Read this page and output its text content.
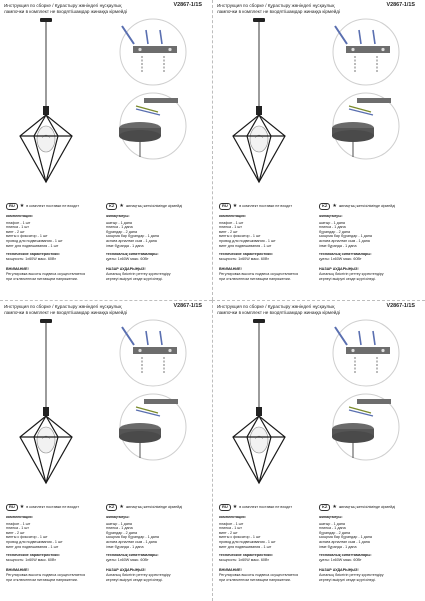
Инструкция по сборке / Құрастыру жөніндегі нұсқаулық
лампочки в комплект не входят/шамдар жинаққа кірмейді
V2867-1/1S
RU	★ в комплект поставки не входит
комплектация:
плафон - 1 шт
плинка - 1 шт
винт - 2 шт
винты с фиксатор - 1 шт
провод для подвешивания - 1 шт
винт для подвешивания - 1 шт
технические характеристики:
мощность: 1x60W макс. 60Вт
ВНИМАНИЕ!
Регулировка высоты подвеса осуществляется
при отключенном питающем напряжении.
KZ	★ жинақтың жеткізілімінде кірмейді
жинақталуы:
шатыр - 1 дана
плинка - 1 дана
бұрандар - 2 дана
ысырма бар бұрандар - 1 дана
аспаға арналған сым - 1 дана
ілме бұранда - 1 дана
техникалық сипаттамалары:
қуаты: 1x60W макс. 60Вт
НАЗАР АУДАРЫҢЫЗ!
Аспаның биіктігін реттеу қоректендіру
кернеуі өшірулі кезде жүргізіледі.
Инструкция по сборке / Құрастыру жөніндегі нұсқаулық
лампочки в комплект не входят/шамдар жинаққа кірмейді
V2867-1/1S
RU	★ в комплект поставки не входит
комплектация:
плафон - 1 шт
плинка - 1 шт
винт - 2 шт
винты с фиксатор - 1 шт
провод для подвешивания - 1 шт
винт для подвешивания - 1 шт
технические характеристики:
мощность: 1x60W макс. 60Вт
ВНИМАНИЕ!
Регулировка высоты подвеса осуществляется
при отключенном питающем напряжении.
KZ	★ жинақтың жеткізілімінде кірмейді
жинақталуы:
шатыр - 1 дана
плинка - 1 дана
бұрандар - 2 дана
ысырма бар бұрандар - 1 дана
аспаға арналған сым - 1 дана
ілме бұранда - 1 дана
техникалық сипаттамалары:
қуаты: 1x60W макс. 60Вт
НАЗАР АУДАРЫҢЫЗ!
Аспаның биіктігін реттеу қоректендіру
кернеуі өшірулі кезде жүргізіледі.
Инструкция по сборке / Құрастыру жөніндегі нұсқаулық
лампочки в комплект не входят/шамдар жинаққа кірмейді
V2867-1/1S
RU	★ в комплект поставки не входит
комплектация:
плафон - 1 шт
плинка - 1 шт
винт - 2 шт
винты с фиксатор - 1 шт
провод для подвешивания - 1 шт
винт для подвешивания - 1 шт
технические характеристики:
мощность: 1x60W макс. 60Вт
ВНИМАНИЕ!
Регулировка высоты подвеса осуществляется
при отключенном питающем напряжении.
KZ	★ жинақтың жеткізілімінде кірмейді
жинақталуы:
шатыр - 1 дана
плинка - 1 дана
бұрандар - 2 дана
ысырма бар бұрандар - 1 дана
аспаға арналған сым - 1 дана
ілме бұранда - 1 дана
техникалық сипаттамалары:
қуаты: 1x60W макс. 60Вт
НАЗАР АУДАРЫҢЫЗ!
Аспаның биіктігін реттеу қоректендіру
кернеуі өшірулі кезде жүргізіледі.
Инструкция по сборке / Құрастыру жөніндегі нұсқаулық
лампочки в комплект не входят/шамдар жинаққа кірмейді
V2867-1/1S
RU	★ в комплект поставки не входит
комплектация:
плафон - 1 шт
плинка - 1 шт
винт - 2 шт
винты с фиксатор - 1 шт
провод для подвешивания - 1 шт
винт для подвешивания - 1 шт
технические характеристики:
мощность: 1x60W макс. 60Вт
ВНИМАНИЕ!
Регулировка высоты подвеса осуществляется
при отключенном питающем напряжении.
KZ	★ жинақтың жеткізілімінде кірмейді
жинақталуы:
шатыр - 1 дана
плинка - 1 дана
бұрандар - 2 дана
ысырма бар бұрандар - 1 дана
аспаға арналған сым - 1 дана
ілме бұранда - 1 дана
техникалық сипаттамалары:
қуаты: 1x60W макс. 60Вт
НАЗАР АУДАРЫҢЫЗ!
Аспаның биіктігін реттеу қоректендіру
кернеуі өшірулі кезде жүргізіледі.
